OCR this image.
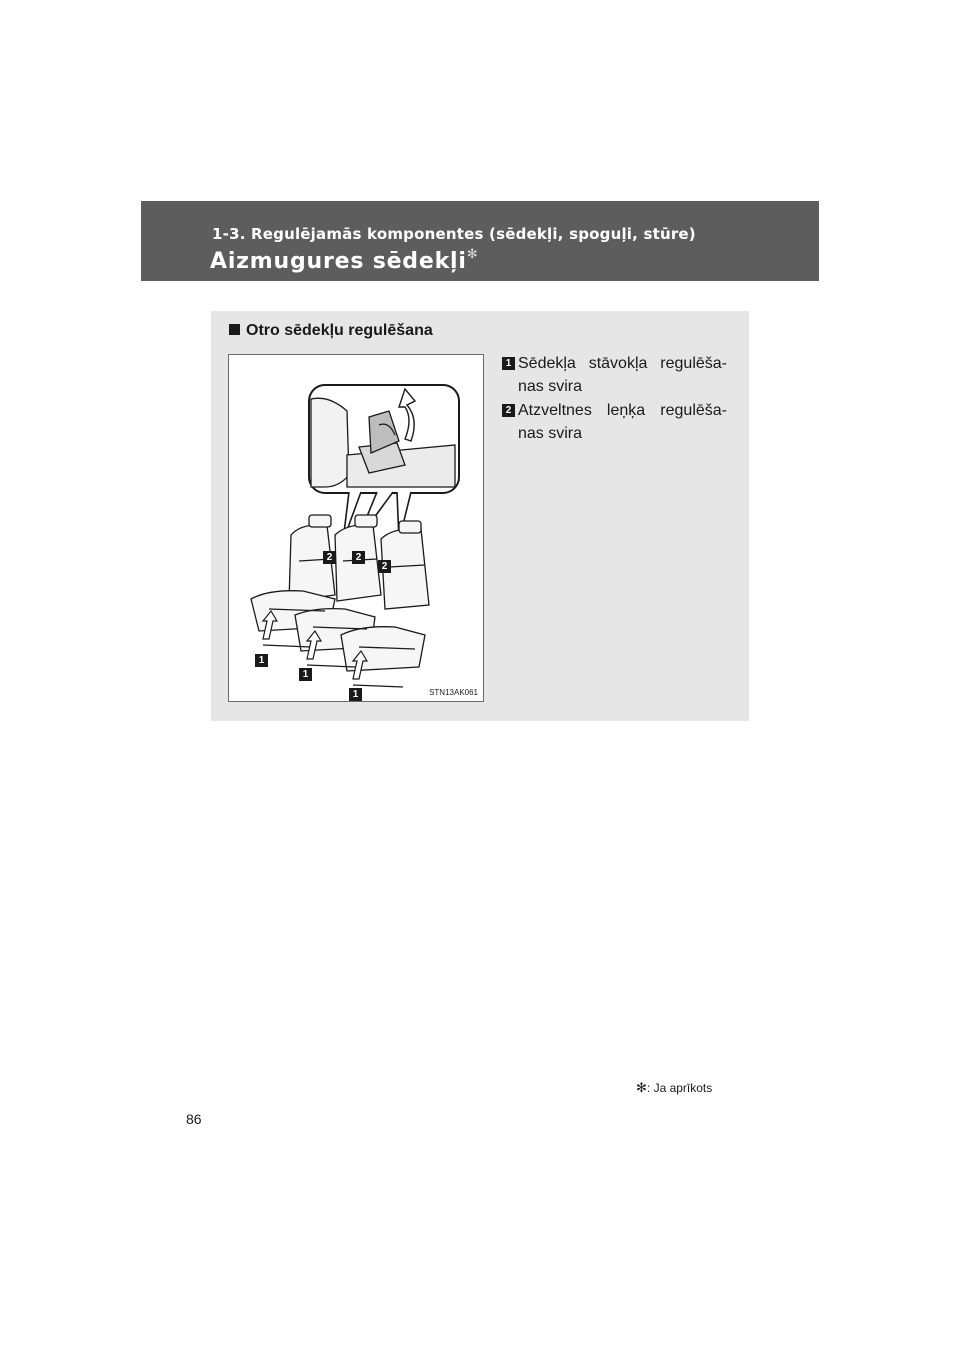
1-3. Regulējamās komponentes (sēdekļi, spoguļi, stūre)
Aizmugures sēdekļi✻
Otro sēdekļu regulēšana
2	2
2
1
1
1	STN13AK061
1 Sēdekļa stāvokļa regulēša-
nas svira
2 Atzveltnes leņķa regulēša-
nas svira
✻: Ja aprīkots
86
